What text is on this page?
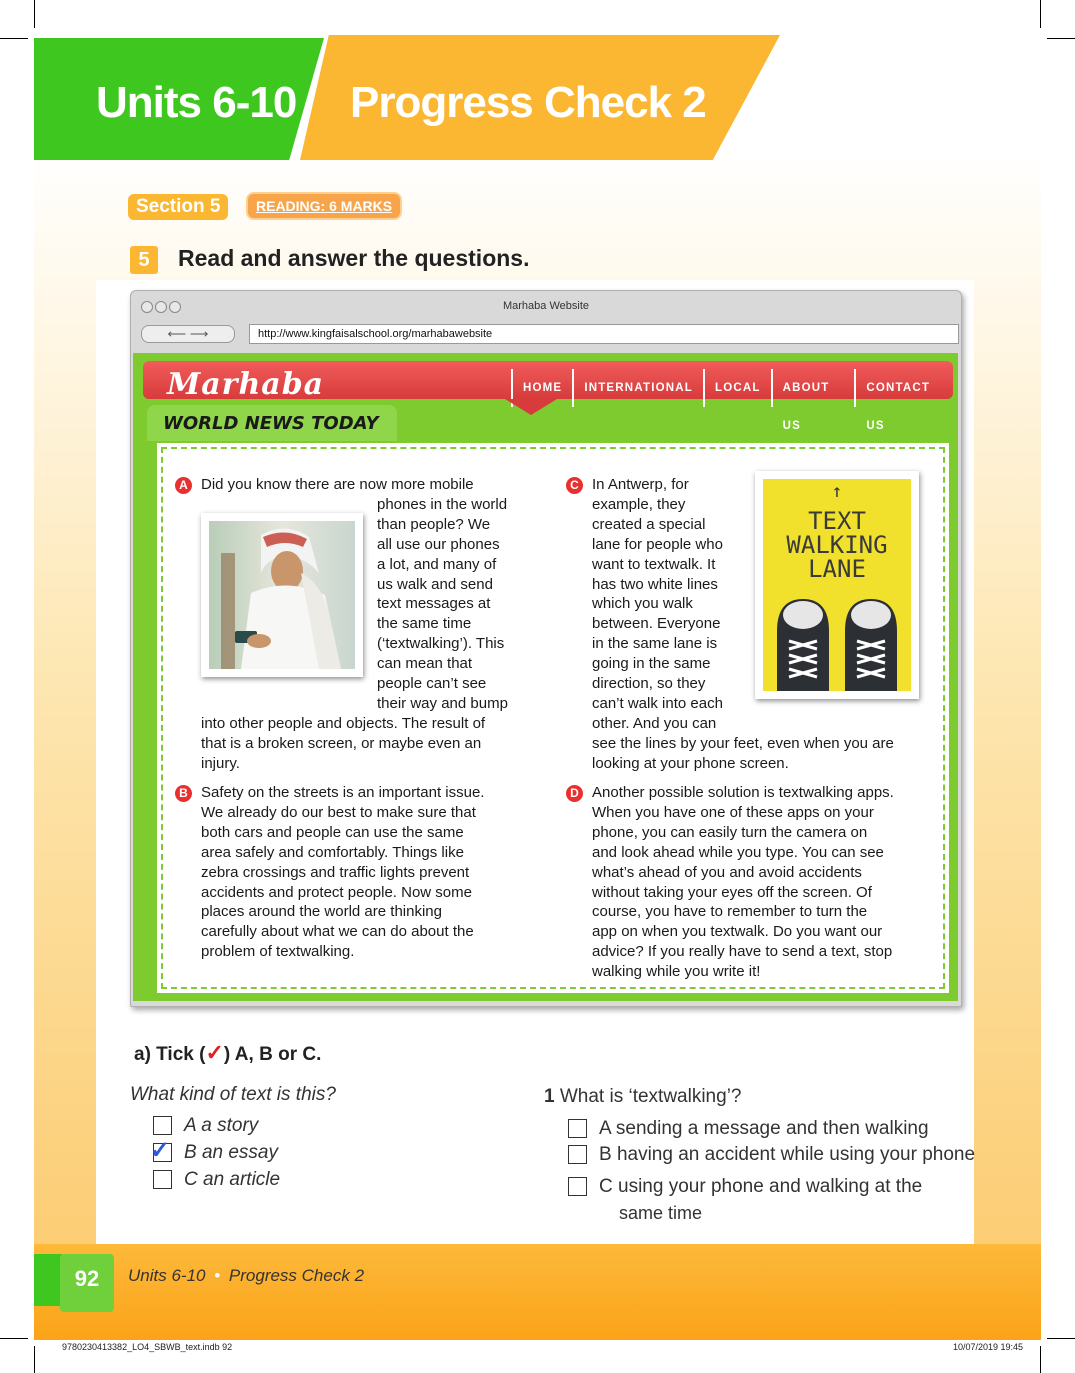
Units 6-10 Progress Check 2
Section 5	READING: 6 MARKS
5	Read and answer the questions.
Marhaba Website
⟵ ⟶	http://www.kingfaisalschool.org/marhabawebsite
Marhaba	HOME	INTERNATIONAL	LOCAL	ABOUT US
CONTACT US
WORLD NEWS TODAY
A Did you know there are now more mobile
phones in the world
than people? We
all use our phones
a lot, and many of
us walk and send
text messages at
the same time
(‘textwalking’). This
can mean that
people can’t see
their way and bump
into other people and objects. The result of
that is a broken screen, or maybe even an
injury.
B Safety on the streets is an important issue.
We already do our best to make sure that
both cars and people can use the same
area safely and comfortably. Things like
zebra crossings and traffic lights prevent
accidents and protect people. Now some
places around the world are thinking
carefully about what we can do about the
problem of textwalking.
C In Antwerp, for
example, they
created a special
lane for people who
want to textwalk. It
has two white lines
which you walk
between. Everyone
in the same lane is
going in the same
direction, so they
can’t walk into each
other. And you can
see the lines by your feet, even when you are
looking at your phone screen.
↑
TEXT
WALKING
LANE
D Another possible solution is textwalking apps.
When you have one of these apps on your
phone, you can easily turn the camera on
and look ahead while you type. You can see
what’s ahead of you and avoid accidents
without taking your eyes off the screen. Of
course, you have to remember to turn the
app on when you textwalk. Do you want our
advice? If you really have to send a text, stop
walking while you write it!
a) Tick (✓) A, B or C.
What kind of text is this?
A a story
✓ B an essay
C an article
1 What is ‘textwalking’?
A sending a message and then walking
B having an accident while using your phone
C using your phone and walking at the
same time
92	Units 6-10 • Progress Check 2
9780230413382_LO4_SBWB_text.indb 92	10/07/2019 19:45
